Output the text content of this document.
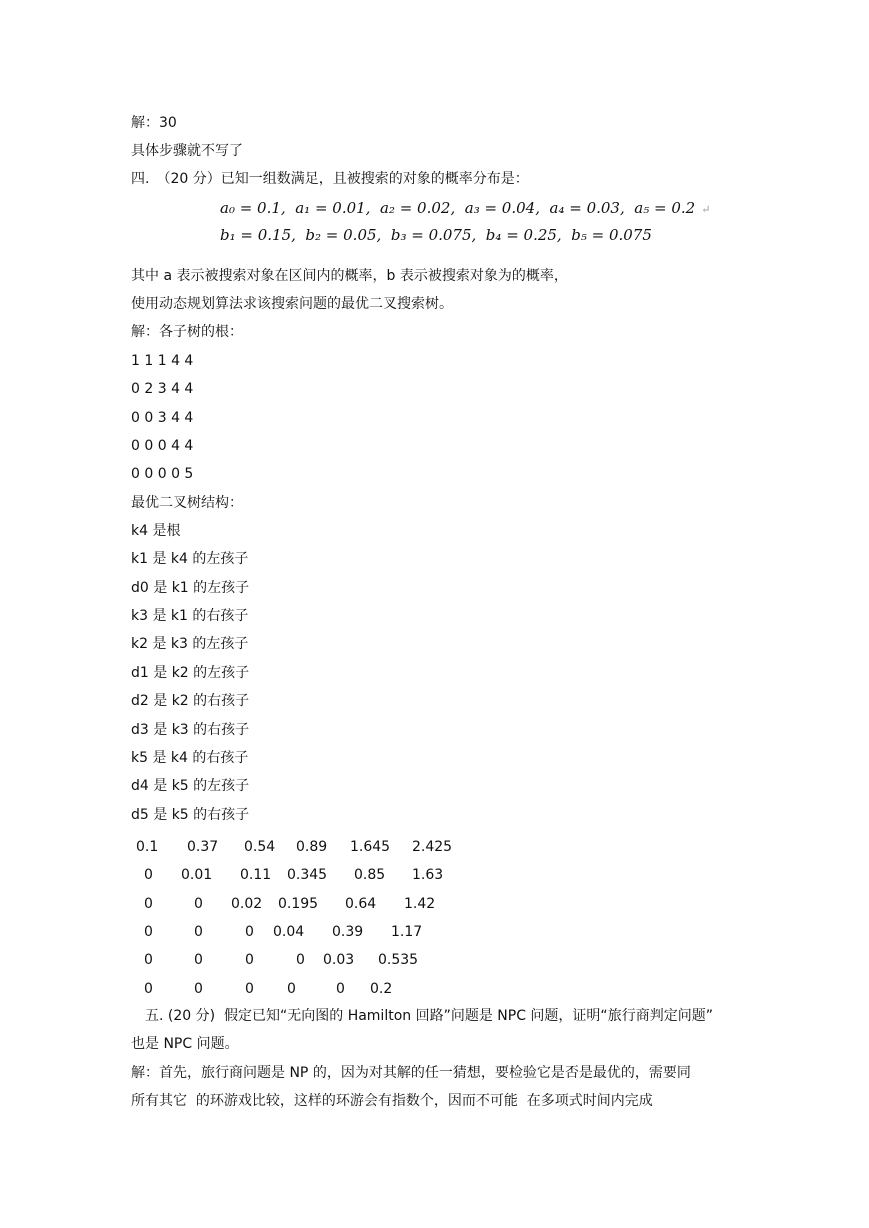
解：30
具体步骤就不写了
四.　（20 分）已知一组数满足，且被搜索的对象的概率分布是：
a₀ = 0.1,  a₁ = 0.01,  a₂ = 0.02,  a₃ = 0.04,  a₄ = 0.03,  a₅ = 0.2 ↵
b₁ = 0.15,  b₂ = 0.05,  b₃ = 0.075,  b₄ = 0.25,  b₅ = 0.075
其中 a 表示被搜索对象在区间内的概率，b 表示被搜索对象为的概率，
使用动态规划算法求该搜索问题的最优二叉搜索树。
解：各子树的根：
1 1 1 4 4
0 2 3 4 4
0 0 3 4 4
0 0 0 4 4
0 0 0 0 5
最优二叉树结构：
k4 是根
k1 是 k4 的左孩子
d0 是 k1 的左孩子
k3 是 k1 的右孩子
k2 是 k3 的左孩子
d1 是 k2 的左孩子
d2 是 k2 的右孩子
d3 是 k3 的右孩子
k5 是 k4 的右孩子
d4 是 k5 的左孩子
d5 是 k5 的右孩子
0.1 0.37 0.54 0.89 1.645 2.425
0 0.01 0.11 0.345 0.85 1.63
0	0 0.02 0.195 0.64 1.42
0	0	0 0.04 0.39 1.17
0	0	0	0 0.03 0.535
0	0	0 0	0 0.2
　五. (20 分)  假定已知“无向图的 Hamilton 回路”问题是 NPC 问题，证明“旅行商判定问题”
也是 NPC 问题。
解：首先，旅行商问题是 NP 的，因为对其解的任一猜想，要检验它是否是最优的，需要同
所有其它  的环游戏比较，这样的环游会有指数个，因而不可能  在多项式时间内完成
